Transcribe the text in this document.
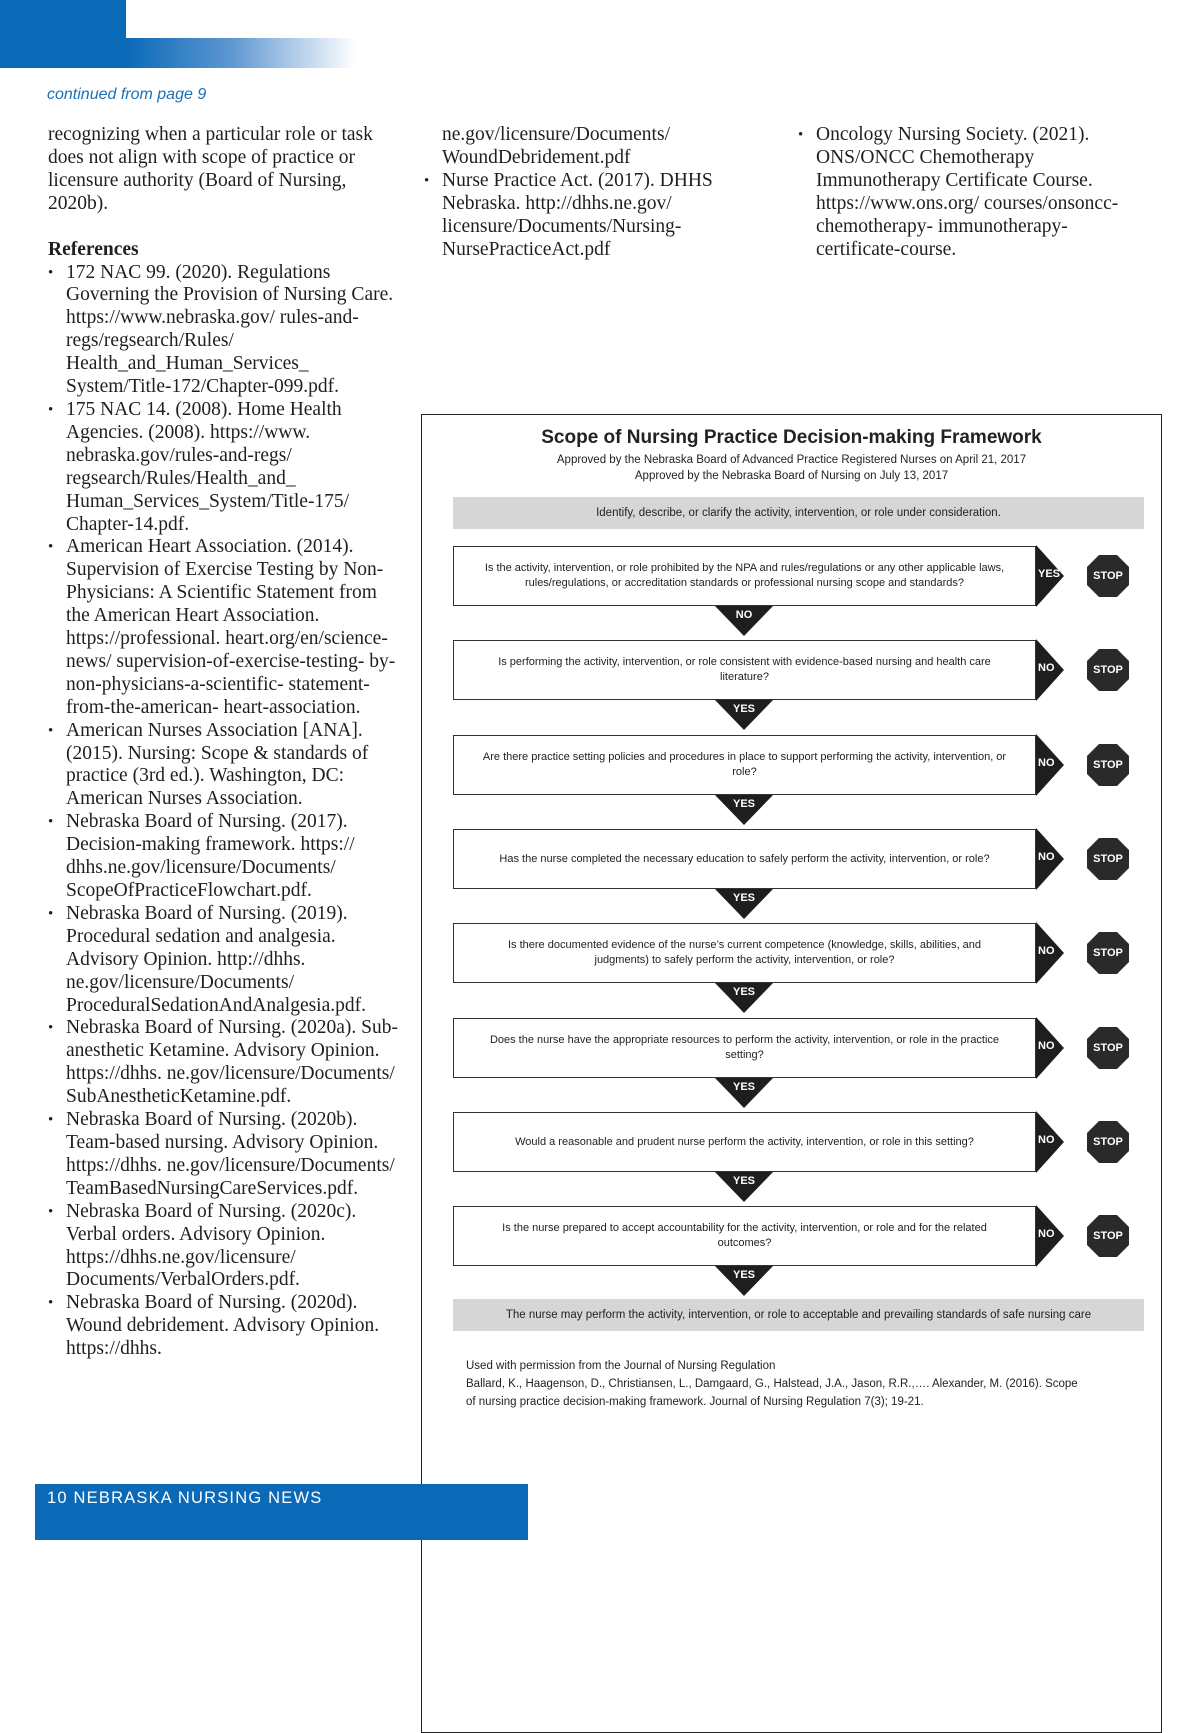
continued from page 9

recognizing when a particular role or task does not align with scope of practice or licensure authority (Board of Nursing, 2020b).

References

• 172 NAC 99. (2020). Regulations Governing the Provision of Nursing Care. https://www.nebraska.gov/ rules-and-regs/regsearch/Rules/ Health_and_Human_Services_ System/Title-172/Chapter-099.pdf.
• 175 NAC 14. (2008). Home Health Agencies. (2008). https://www. nebraska.gov/rules-and-regs/ regsearch/Rules/Health_and_ Human_Services_System/Title-175/ Chapter-14.pdf.
• American Heart Association. (2014). Supervision of Exercise Testing by Non-Physicians: A Scientific Statement from the American Heart Association. https://professional. heart.org/en/science- news/ supervision-of-exercise-testing- by-non-physicians-a-scientific- statement-from-the-american- heart-association.
• American Nurses Association [ANA]. (2015). Nursing: Scope & standards of practice (3rd ed.). Washington, DC: American Nurses Association.
• Nebraska Board of Nursing. (2017). Decision-making framework. https:// dhhs.ne.gov/licensure/Documents/ ScopeOfPracticeFlowchart.pdf.
• Nebraska Board of Nursing. (2019). Procedural sedation and analgesia. Advisory Opinion. http://dhhs. ne.gov/licensure/Documents/ ProceduralSedationAndAnalgesia.pdf.
• Nebraska Board of Nursing. (2020a). Sub-anesthetic Ketamine. Advisory Opinion. https://dhhs. ne.gov/licensure/Documents/ SubAnestheticKetamine.pdf.
• Nebraska Board of Nursing. (2020b). Team-based nursing. Advisory Opinion. https://dhhs. ne.gov/licensure/Documents/ TeamBasedNursingCareServices.pdf.
• Nebraska Board of Nursing. (2020c). Verbal orders. Advisory Opinion. https://dhhs.ne.gov/licensure/ Documents/VerbalOrders.pdf.
• Nebraska Board of Nursing. (2020d). Wound debridement. Advisory Opinion. https://dhhs.
ne.gov/licensure/Documents/ WoundDebridement.pdf
• Nurse Practice Act. (2017). DHHS Nebraska. http://dhhs.ne.gov/ licensure/Documents/Nursing- NursePracticeAct.pdf
• Oncology Nursing Society. (2021). ONS/ONCC Chemotherapy Immunotherapy Certificate Course. https://www.ons.org/ courses/onsoncc-chemotherapy- immunotherapy-certificate-course.
Scope of Nursing Practice Decision-making Framework
Approved by the Nebraska Board of Advanced Practice Registered Nurses on April 21, 2017
Approved by the Nebraska Board of Nursing on July 13, 2017
Identify, describe, or clarify the activity, intervention, or role under consideration.
Is the activity, intervention, or role prohibited by the NPA and rules/regulations or any other applicable laws, rules/regulations, or accreditation standards or professional nursing scope and standards?
YES	STOP
NO
Is performing the activity, intervention, or role consistent with evidence-based nursing and health care literature?
NO	STOP
YES
Are there practice setting policies and procedures in place to support performing the activity, intervention, or role?
NO	STOP
YES
Has the nurse completed the necessary education to safely perform the activity, intervention, or role?	NO	STOP
YES
Is there documented evidence of the nurse’s current competence (knowledge, skills, abilities, and judgments) to safely perform the activity, intervention, or role?
NO	STOP
YES
Does the nurse have the appropriate resources to perform the activity, intervention, or role in the practice setting?
NO	STOP
YES
Would a reasonable and prudent nurse perform the activity, intervention, or role in this setting?	NO	STOP
YES
Is the nurse prepared to accept accountability for the activity, intervention, or role and for the related outcomes?
NO	STOP
YES
The nurse may perform the activity, intervention, or role to acceptable and prevailing standards of safe nursing care
Used with permission from the Journal of Nursing Regulation
Ballard, K., Haagenson, D., Christiansen, L., Damgaard, G., Halstead, J.A., Jason, R.R.,…. Alexander, M. (2016). Scope
of nursing practice decision-making framework. Journal of Nursing Regulation 7(3); 19-21.
10 NEBRASKA NURSING NEWS
